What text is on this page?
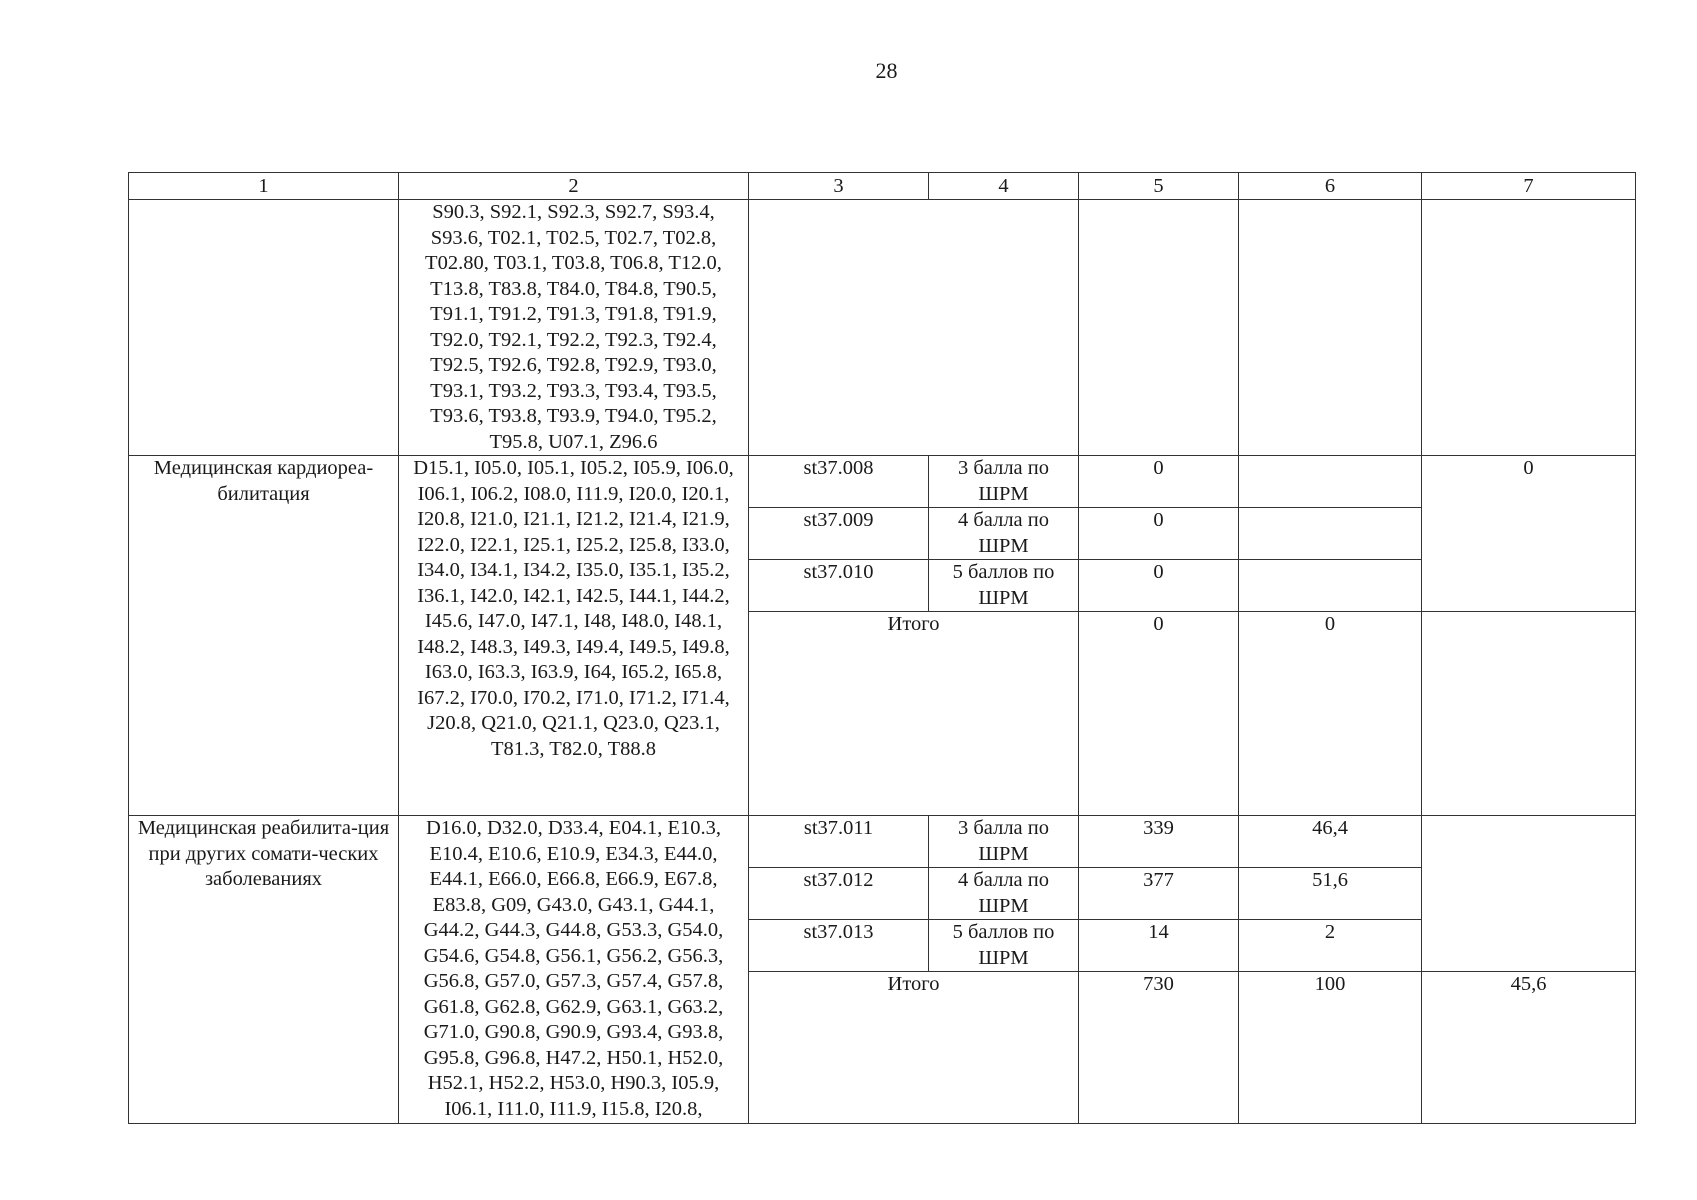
28
1	2	3	4	5	6	7
	S90.3, S92.1, S92.3, S92.7, S93.4, S93.6, T02.1, T02.5, T02.7, T02.8, T02.80, T03.1, T03.8, T06.8, T12.0, T13.8, T83.8, T84.0, T84.8, T90.5, T91.1, T91.2, T91.3, T91.8, T91.9, T92.0, T92.1, T92.2, T92.3, T92.4, T92.5, T92.6, T92.8, T92.9, T93.0, T93.1, T93.2, T93.3, T93.4, T93.5, T93.6, T93.8, T93.9, T94.0, T95.2, T95.8, U07.1, Z96.6					
Медицинская кардиореа-билитация	D15.1, I05.0, I05.1, I05.2, I05.9, I06.0, I06.1, I06.2, I08.0, I11.9, I20.0, I20.1, I20.8, I21.0, I21.1, I21.2, I21.4, I21.9, I22.0, I22.1, I25.1, I25.2, I25.8, I33.0, I34.0, I34.1, I34.2, I35.0, I35.1, I35.2, I36.1, I42.0, I42.1, I42.5, I44.1, I44.2, I45.6, I47.0, I47.1, I48, I48.0, I48.1, I48.2, I48.3, I49.3, I49.4, I49.5, I49.8, I63.0, I63.3, I63.9, I64, I65.2, I65.8, I67.2, I70.0, I70.2, I71.0, I71.2, I71.4, J20.8, Q21.0, Q21.1, Q23.0, Q23.1, T81.3, T82.0, T88.8	st37.008	3 балла по ШРМ	0		0
		st37.009	4 балла по ШРМ	0		
		st37.010	5 баллов по ШРМ	0		
		Итого		0	0	
Медицинская реабилита-ция при других сомати-ческих заболеваниях	D16.0, D32.0, D33.4, E04.1, E10.3, E10.4, E10.6, E10.9, E34.3, E44.0, E44.1, E66.0, E66.8, E66.9, E67.8, E83.8, G09, G43.0, G43.1, G44.1, G44.2, G44.3, G44.8, G53.3, G54.0, G54.6, G54.8, G56.1, G56.2, G56.3, G56.8, G57.0, G57.3, G57.4, G57.8, G61.8, G62.8, G62.9, G63.1, G63.2, G71.0, G90.8, G90.9, G93.4, G93.8, G95.8, G96.8, H47.2, H50.1, H52.0, H52.1, H52.2, H53.0, H90.3, I05.9, I06.1, I11.0, I11.9, I15.8, I20.8,	st37.011	3 балла по ШРМ	339	46,4	
		st37.012	4 балла по ШРМ	377	51,6	
		st37.013	5 баллов по ШРМ	14	2	
		Итого		730	100	45,6
